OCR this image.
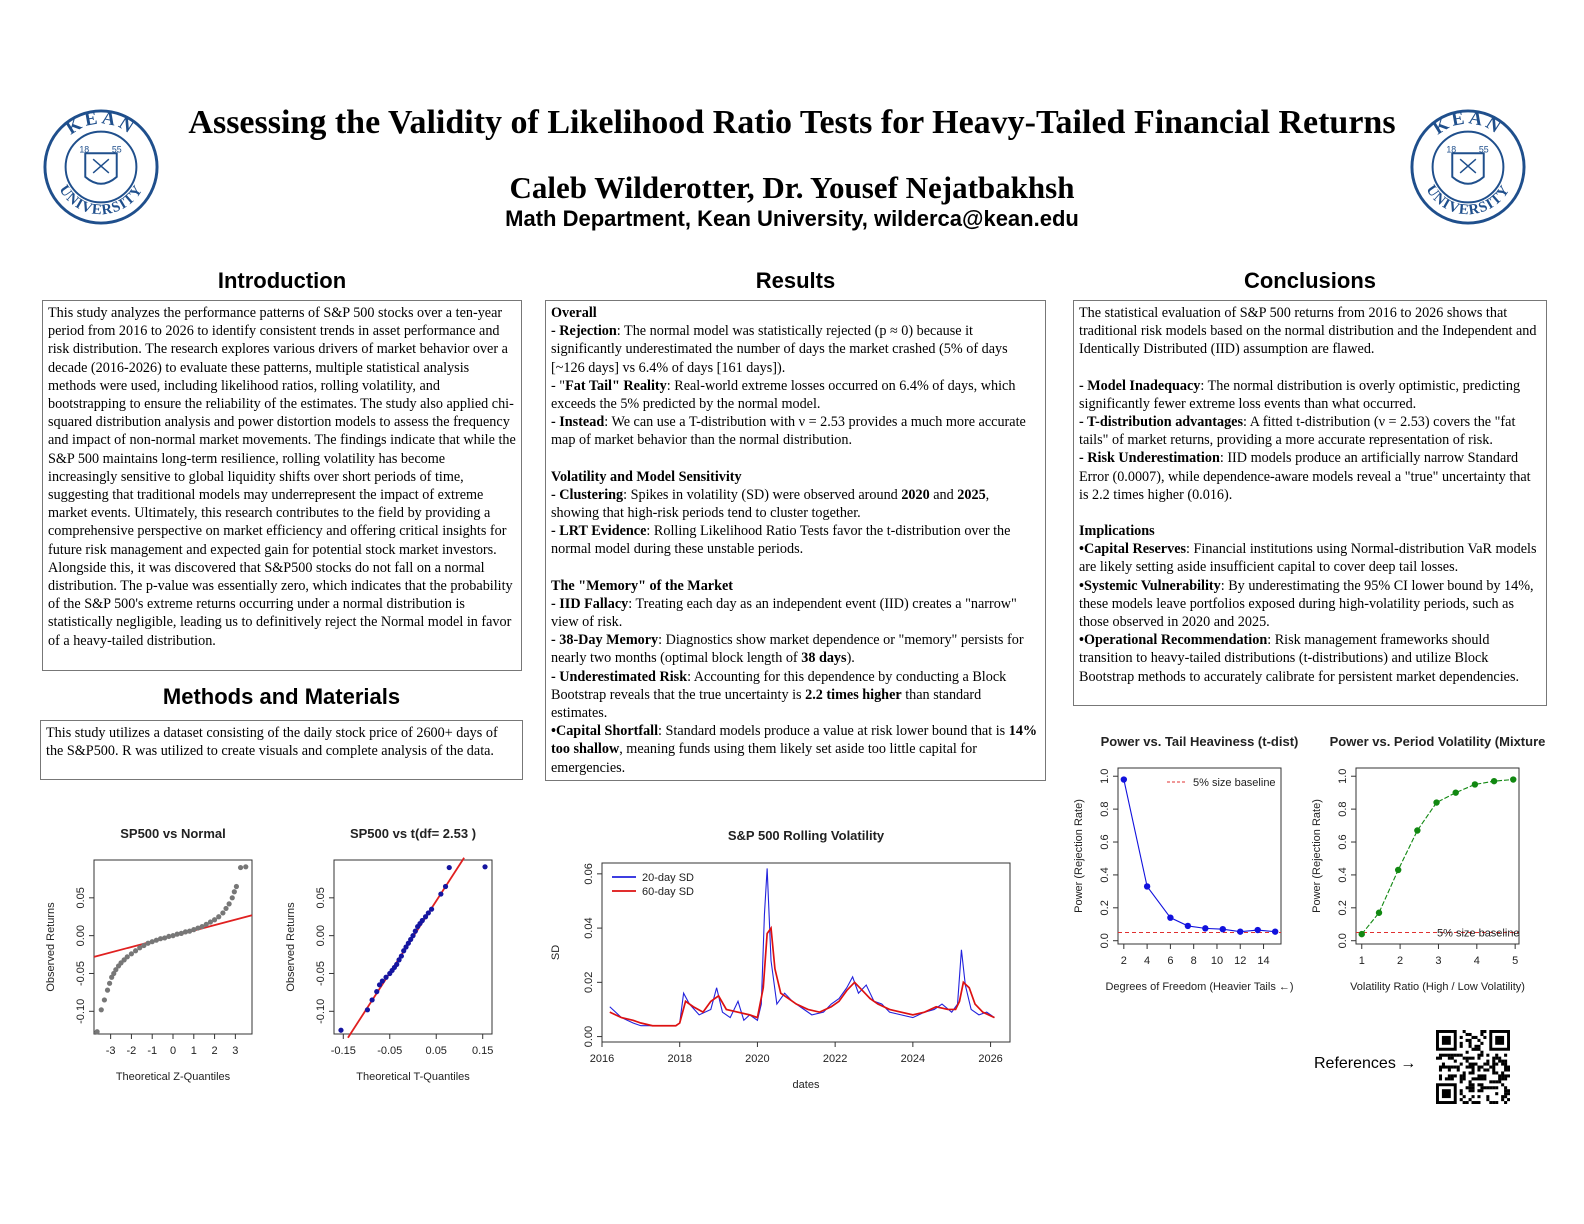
KEAN
UNIVERSITY
18	55
KEAN
UNIVERSITY
18	55
Assessing the Validity of Likelihood Ratio Tests for Heavy-Tailed Financial Returns
Caleb Wilderotter, Dr. Yousef Nejatbakhsh
Math Department, Kean University, wilderca@kean.edu
Introduction

This study analyzes the performance patterns of S&P 500 stocks over a ten-year period from 2016 to 2026 to identify consistent trends in asset performance and risk distribution. The research explores various drivers of market behavior over a decade (2016-2026) to evaluate these patterns, multiple statistical analysis methods were used, including likelihood ratios, rolling volatility, and bootstrapping to ensure the reliability of the estimates. The study also applied chi-squared distribution analysis and power distortion models to assess the frequency and impact of non-normal market movements. The findings indicate that while the S&P 500 maintains long-term resilience, rolling volatility has become increasingly sensitive to global liquidity shifts over short periods of time, suggesting that traditional models may underrepresent the impact of extreme market events. Ultimately, this research contributes to the field by providing a comprehensive perspective on market efficiency and offering critical insights for future risk management and expected gain for potential stock market investors. Alongside this, it was discovered that S&P500 stocks do not fall on a normal distribution. The p-value was essentially zero, which indicates that the probability of the S&P 500's extreme returns occurring under a normal distribution is statistically negligible, leading us to definitively reject the Normal model in favor of a heavy-tailed distribution.

Methods and Materials

This study utilizes a dataset consisting of the daily stock price of 2600+ days of the S&P500. R was utilized to create visuals and complete analysis of the data.

Results

Overall

- Rejection: The normal model was statistically rejected (p ≈ 0) because it significantly underestimated the number of days the market crashed (5% of days [~126 days] vs 6.4% of days [161 days]).

- "Fat Tail" Reality: Real-world extreme losses occurred on 6.4% of days, which exceeds the 5% predicted by the normal model.

- Instead: We can use a T-distribution with ν = 2.53 provides a much more accurate map of market behavior than the normal distribution.

Volatility and Model Sensitivity

- Clustering: Spikes in volatility (SD) were observed around 2020 and 2025, showing that high-risk periods tend to cluster together.

- LRT Evidence: Rolling Likelihood Ratio Tests favor the t-distribution over the normal model during these unstable periods.

The "Memory" of the Market

- IID Fallacy: Treating each day as an independent event (IID) creates a "narrow" view of risk.

- 38-Day Memory: Diagnostics show market dependence or "memory" persists for nearly two months (optimal block length of 38 days).

- Underestimated Risk: Accounting for this dependence by conducting a Block Bootstrap reveals that the true uncertainty is 2.2 times higher than standard estimates.

•Capital Shortfall: Standard models produce a value at risk lower bound that is 14% too shallow, meaning funds using them likely set aside too little capital for emergencies.

Conclusions

The statistical evaluation of S&P 500 returns from 2016 to 2026 shows that traditional risk models based on the normal distribution and the Independent and Identically Distributed (IID) assumption are flawed.

- Model Inadequacy: The normal distribution is overly optimistic, predicting significantly fewer extreme loss events than what occurred.

- T-distribution advantages: A fitted t-distribution (ν = 2.53) covers the "fat tails" of market returns, providing a more accurate representation of risk.

- Risk Underestimation: IID models produce an artificially narrow Standard Error (0.0007), while dependence-aware models reveal a "true" uncertainty that is 2.2 times higher (0.016).

Implications

•Capital Reserves: Financial institutions using Normal-distribution VaR models are likely setting aside insufficient capital to cover deep tail losses.

•Systemic Vulnerability: By underestimating the 95% CI lower bound by 14%, these models leave portfolios exposed during high-volatility periods, such as those observed in 2020 and 2025.

•Operational Recommendation: Risk management frameworks should transition to heavy-tailed distributions (t-distributions) and utilize Block Bootstrap methods to accurately calibrate for persistent market dependencies.

SP500 vs Normal
-3 -2 -1 0 1 2 3
-0.10
-0.05
0.00
0.05
Theoretical Z-Quantiles
Observed Returns
SP500 vs t(df= 2.53 )
-0.15 -0.05 0.05 0.15
-0.10
-0.05
0.00
0.05
Theoretical T-Quantiles
Observed Returns
S&P 500 Rolling Volatility
2016	2018	2020	2022	2024	2026
0.00
0.02
0.04
0.06
dates
SD
20-day SD
60-day SD
Power vs. Tail Heaviness (t-dist)
2 4 6 8 10 12 14
0.0
0.2
0.4
0.6
0.8
1.0
Degrees of Freedom (Heavier Tails ←)
Power (Rejection Rate)
5% size baseline
Power vs. Period Volatility (Mixture
1	2	3	4	5
0.0
0.2
0.4
0.6
0.8
1.0
Volatility Ratio (High / Low Volatility)
Power (Rejection Rate)
5% size baseline
References →
